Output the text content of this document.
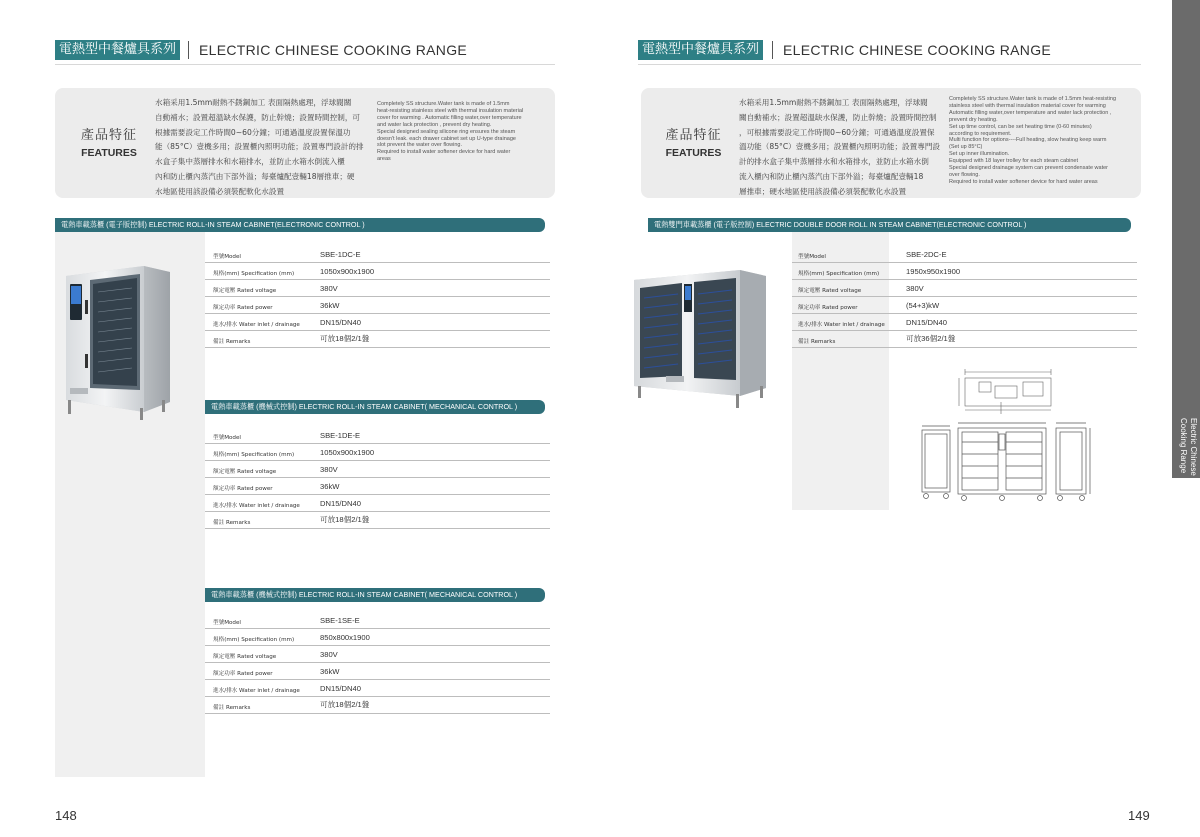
電熱型中餐爐具系列 ELECTRIC CHINESE COOKING RANGE
產品特征
FEATURES
水箱采用1.5mm耐熱不銹鋼加工 表面隔熱處理，浮球閥關
自動補水；設置超溫缺水保護，防止幹燒；設置時間控制，可
根據需要設定工作時間0~60分鐘；可通過溫度設置保溫功
能（85°C）壹機多用；設置櫃內照明功能；設置專門設計的排
水盒子集中蒸層排水和水箱排水，並防止水箱水倒流入櫃
內和防止櫃內蒸汽由下部外溢；每臺爐配壹輛18層推車；硬
水地區使用該設備必須裝配軟化水設置
Completely SS structure.Water tank is made of 1.5mm
heat-resisting stainless steel with thermal insulation material
cover for warming . Automatic filling water,over temperature
and water lack protection , prevent dry heating.
Special designed sealing silicone ring ensures the steam
doesn't leak. each drawer cabinet set up U-type drainage
slot prevent the water over flowing.
Required to install water softener device for hard water
areas
電熱車載蒸櫃 (電子版控制) ELECTRIC ROLL-IN STEAM CABINET(ELECTRONIC CONTROL )
型號Model	SBE-1DC-E
規格(mm) Specification (mm)	1050x900x1900
額定電壓 Rated voltage	380V
額定功率 Rated power	36kW
進水/排水 Water inlet / drainage	DN15/DN40
備註 Remarks	可放18個2/1盤
電熱車載蒸櫃 (機械式控制) ELECTRIC ROLL-IN STEAM CABINET( MECHANICAL CONTROL )
型號Model	SBE-1DE-E
規格(mm) Specification (mm)	1050x900x1900
額定電壓 Rated voltage	380V
額定功率 Rated power	36kW
進水/排水 Water inlet / drainage	DN15/DN40
備註 Remarks	可放18個2/1盤
電熱車載蒸櫃 (機械式控制) ELECTRIC ROLL-IN STEAM CABINET( MECHANICAL CONTROL )
型號Model	SBE-1SE-E
規格(mm) Specification (mm)	850x800x1900
額定電壓 Rated voltage	380V
額定功率 Rated power	36kW
進水/排水 Water inlet / drainage	DN15/DN40
備註 Remarks	可放18個2/1盤
148
電熱型中餐爐具系列 ELECTRIC CHINESE COOKING RANGE
產品特征
FEATURES
水箱采用1.5mm耐熱不銹鋼加工 表面隔熱處理，浮球閥
關自動補水；設置超溫缺水保護，防止幹燒；設置時間控制
，可根據需要設定工作時間0~60分鐘；可通過溫度設置保
溫功能（85°C）壹機多用；設置櫃內照明功能；設置專門設
計的排水盒子集中蒸層排水和水箱排水，並防止水箱水倒
流入櫃內和防止櫃內蒸汽由下部外溢；每臺爐配壹輛18
層推車；硬水地區使用該設備必須裝配軟化水設置
Completely SS structure.Water tank is made of 1.5mm heat-resisting
stainless steel with thermal insulation material cover for warming
Automatic filling water,over temperature and water lack protection ,
prevent dry heating.
Set up time control, can be set heating time (0-60 minutes)
according to requirement.
Multi function for options----Full heating, slow heating keep warm
(Set up 85°C)
Set up inner illumination.
Equipped with 18 layer trolley for each steam cabinet
Special designed drainage system can prevent condensate water
over flowing.
Required to install water softener device for hard water areas
電熱雙門車載蒸櫃 (電子版控制) ELECTRIC DOUBLE DOOR ROLL IN STEAM CABINET(ELECTRONIC CONTROL )
型號Model	SBE-2DC-E
規格(mm) Specification (mm)	1950x950x1900
額定電壓 Rated voltage	380V
額定功率 Rated power	(54+3)kW
進水/排水 Water inlet / drainage	DN15/DN40
備註 Remarks	可放36個2/1盤
149
Electric Chinese
Cooking Range
